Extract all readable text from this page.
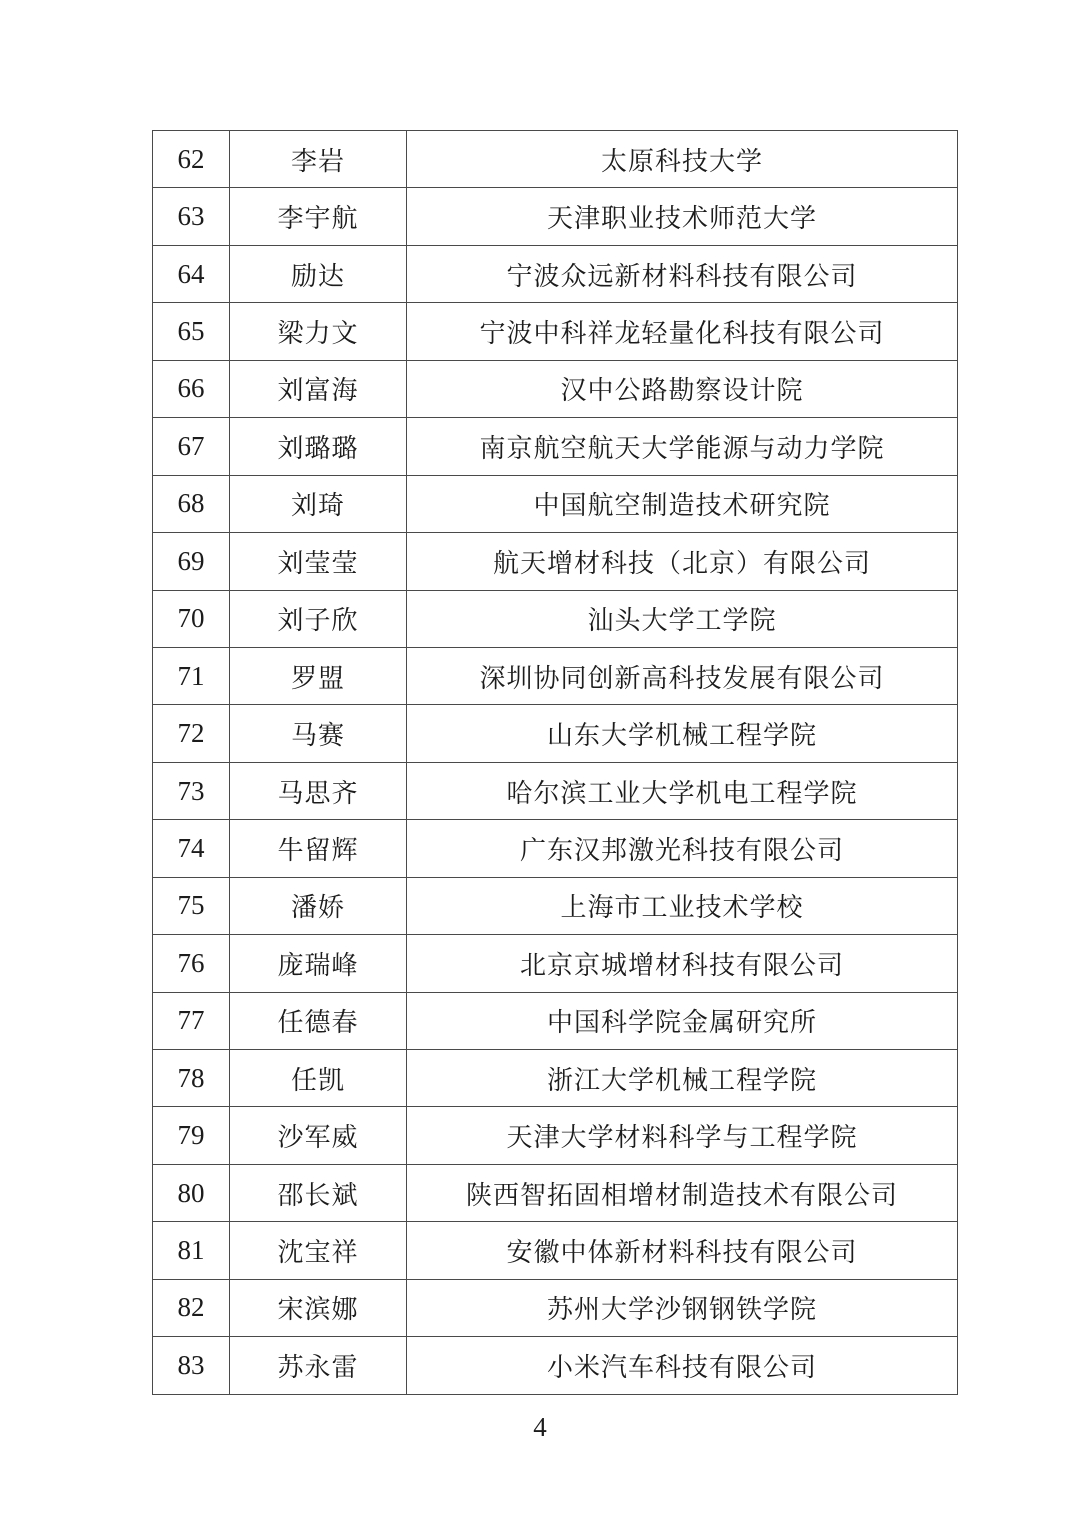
62	李岩	太原科技大学
63	李宇航	天津职业技术师范大学
64	励达	宁波众远新材料科技有限公司
65	梁力文	宁波中科祥龙轻量化科技有限公司
66	刘富海	汉中公路勘察设计院
67	刘璐璐	南京航空航天大学能源与动力学院
68	刘琦	中国航空制造技术研究院
69	刘莹莹	航天增材科技（北京）有限公司
70	刘子欣	汕头大学工学院
71	罗盟	深圳协同创新高科技发展有限公司
72	马赛	山东大学机械工程学院
73	马思齐	哈尔滨工业大学机电工程学院
74	牛留辉	广东汉邦激光科技有限公司
75	潘娇	上海市工业技术学校
76	庞瑞峰	北京京城增材科技有限公司
77	任德春	中国科学院金属研究所
78	任凯	浙江大学机械工程学院
79	沙军威	天津大学材料科学与工程学院
80	邵长斌	陕西智拓固相增材制造技术有限公司
81	沈宝祥	安徽中体新材料科技有限公司
82	宋滨娜	苏州大学沙钢钢铁学院
83	苏永雷	小米汽车科技有限公司
4
